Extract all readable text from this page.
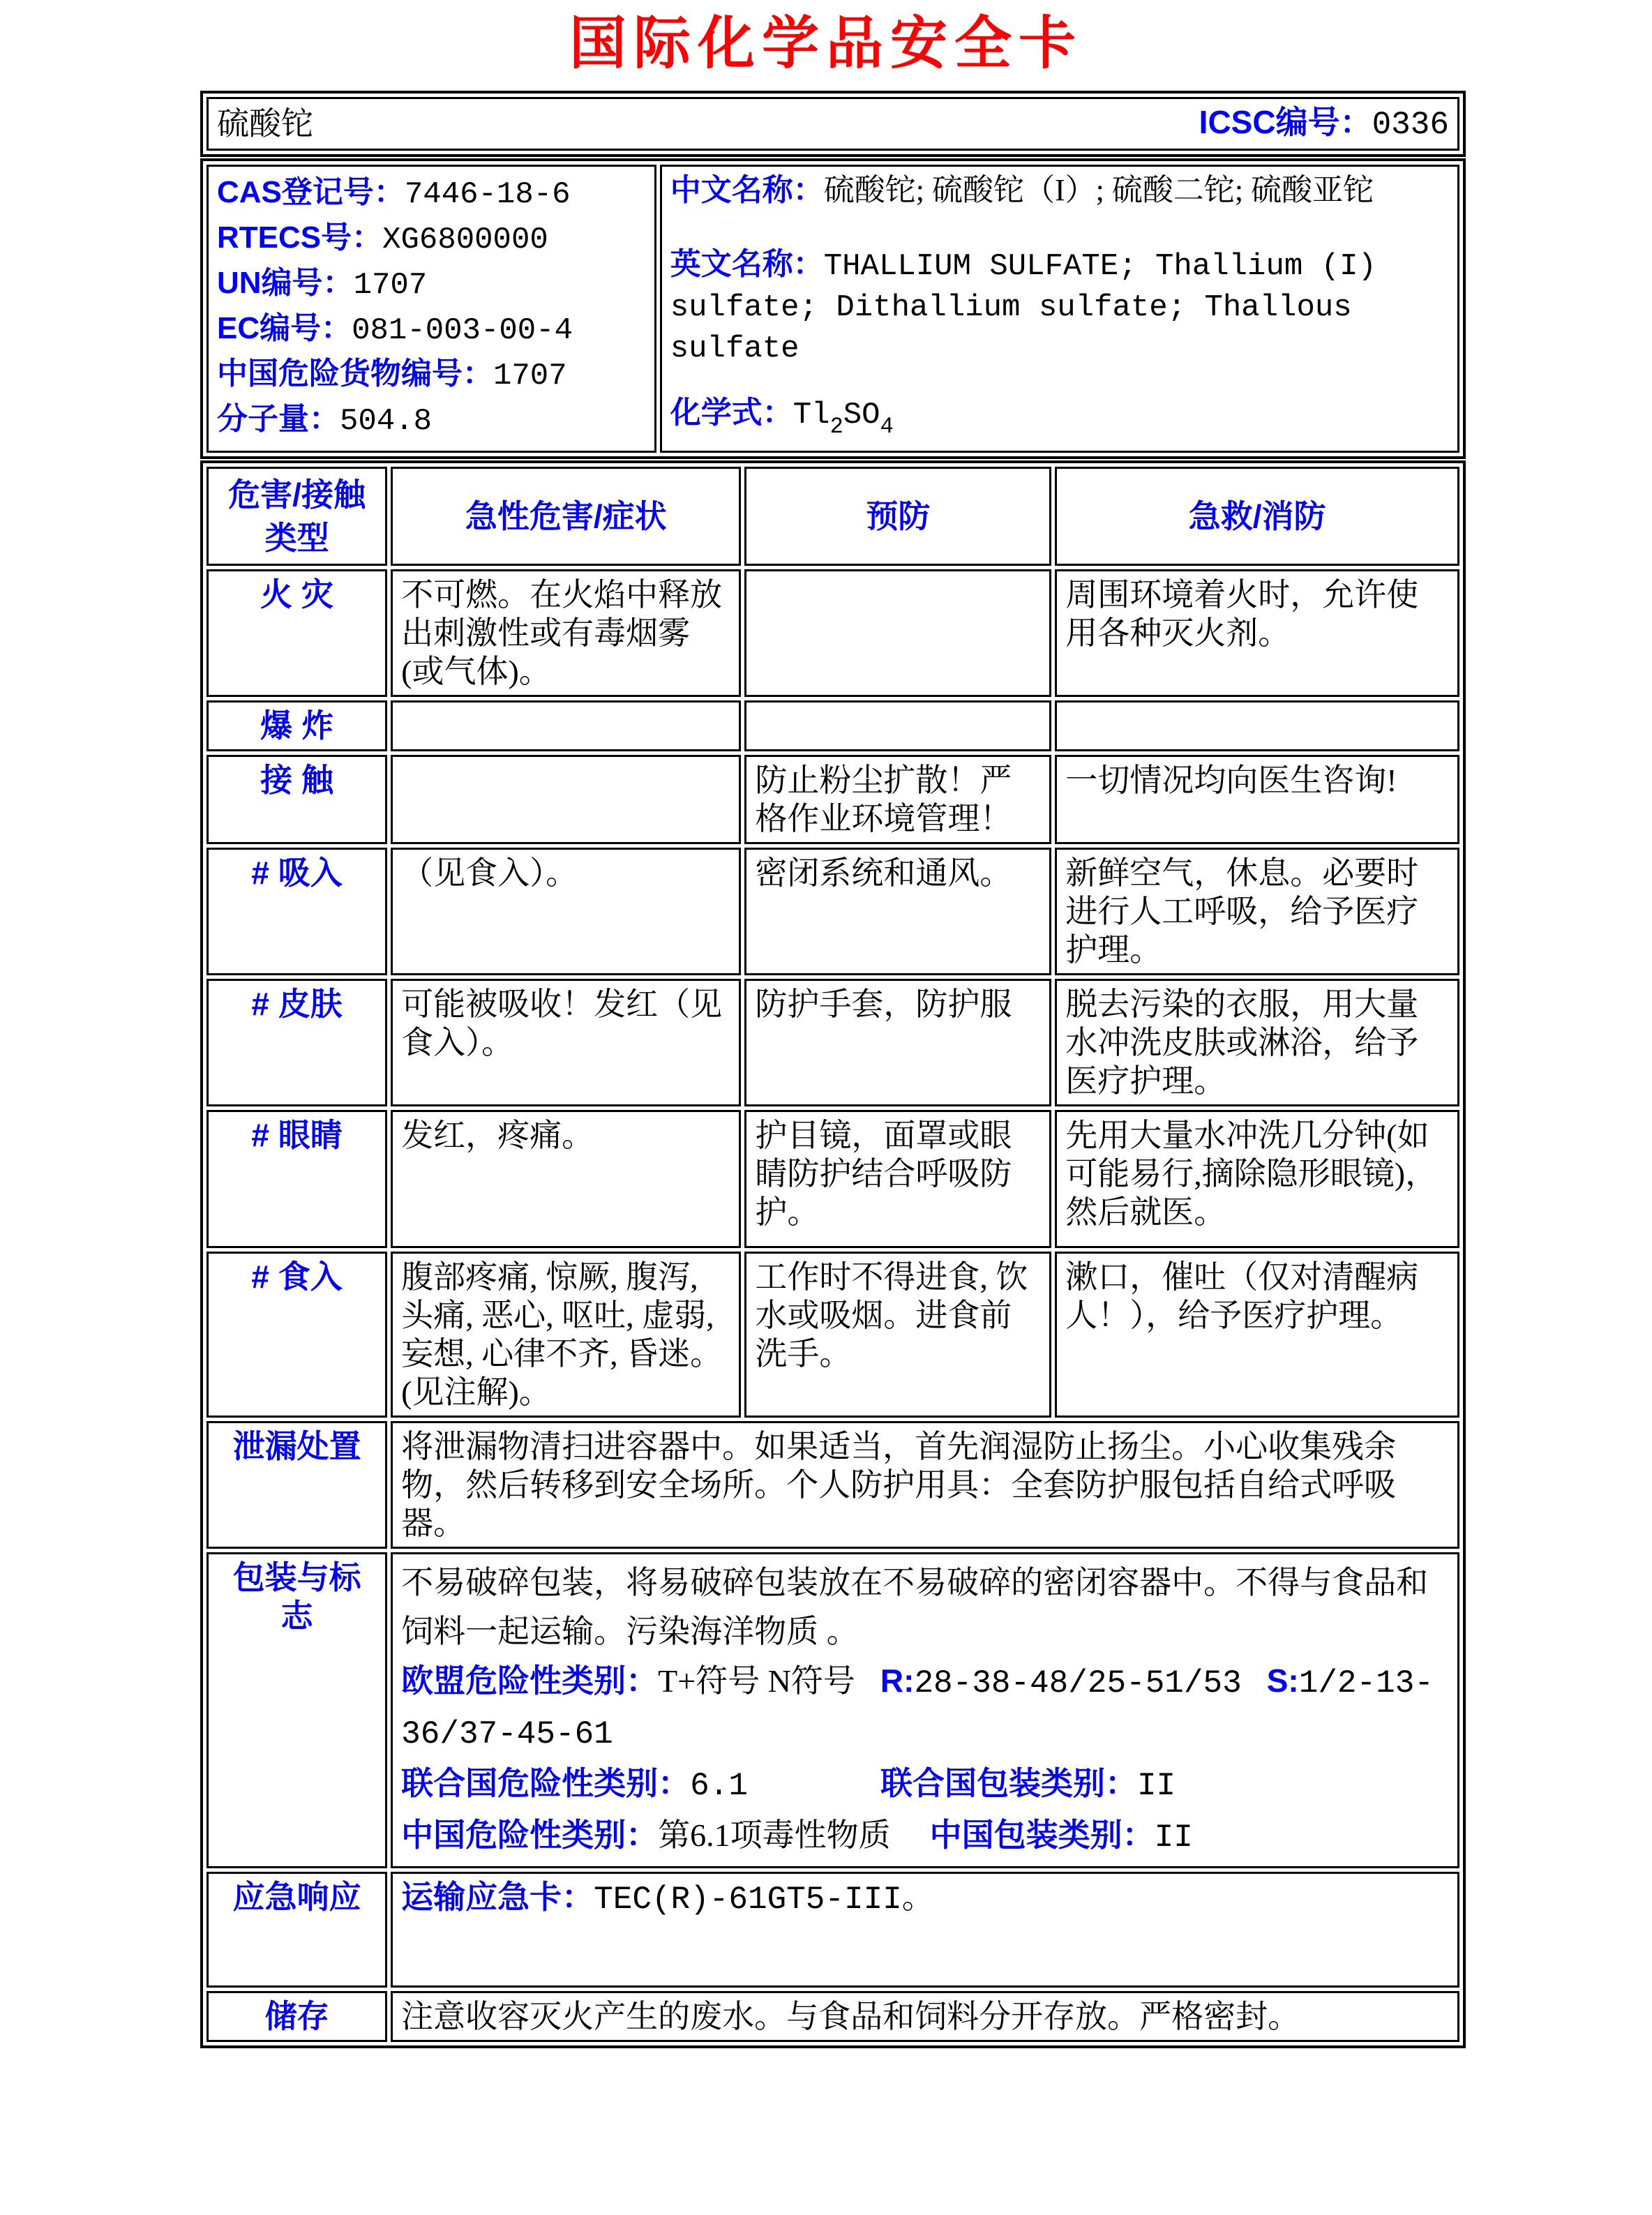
国际化学品安全卡
硫酸铊	ICSC编号：0336
CAS登记号：7446-18-6
RTECS号：XG6800000
UN编号：1707
EC编号：081-003-00-4
中国危险货物编号：1707
分子量：504.8

中文名称：硫酸铊; 硫酸铊（I）; 硫酸二铊; 硫酸亚铊

英文名称：THALLIUM SULFATE; Thallium (I) sulfate; Dithallium sulfate; Thallous sulfate

化学式：$Tl_2SO_4$

危害/接触
类型	急性危害/症状	预防	急救/消防
火 灾	不可燃。在火焰中释放出刺激性或有毒烟雾(或气体)。		周围环境着火时，允许使用各种灭火剂。
爆 炸			
接 触		防止粉尘扩散！严格作业环境管理！	一切情况均向医生咨询!
# 吸入	（见食入）。	密闭系统和通风。	新鲜空气，休息。必要时进行人工呼吸，给予医疗护理。
# 皮肤	可能被吸收！发红（见食入）。	防护手套，防护服	脱去污染的衣服，用大量水冲洗皮肤或淋浴，给予医疗护理。
# 眼睛	发红，疼痛。	护目镜，面罩或眼睛防护结合呼吸防护。	先用大量水冲洗几分钟(如可能易行,摘除隐形眼镜)，然后就医。
# 食入	腹部疼痛, 惊厥, 腹泻, 头痛, 恶心, 呕吐, 虚弱, 妄想, 心律不齐, 昏迷。(见注解)。	工作时不得进食, 饮水或吸烟。进食前洗手。	漱口，催吐（仅对清醒病人！），给予医疗护理。
泄漏处置	将泄漏物清扫进容器中。如果适当，首先润湿防止扬尘。小心收集残余物，然后转移到安全场所。个人防护用具：全套防护服包括自给式呼吸器。		
包装与标志	不易破碎包装，将易破碎包装放在不易破碎的密闭容器中。不得与食品和饲料一起运输。污染海洋物质 。

欧盟危险性类别：T+符号 N符号 R:28-38-48/25-51/53 S:1/2-13-36/37-45-61

联合国危险性类别：6.1 联合国包装类别：II

中国危险性类别：第6.1项毒性物质 中国包装类别：II		

应急响应	运输应急卡：TEC(R)-61GT5-III。		
储存	注意收容灭火产生的废水。与食品和饲料分开存放。严格密封。		
